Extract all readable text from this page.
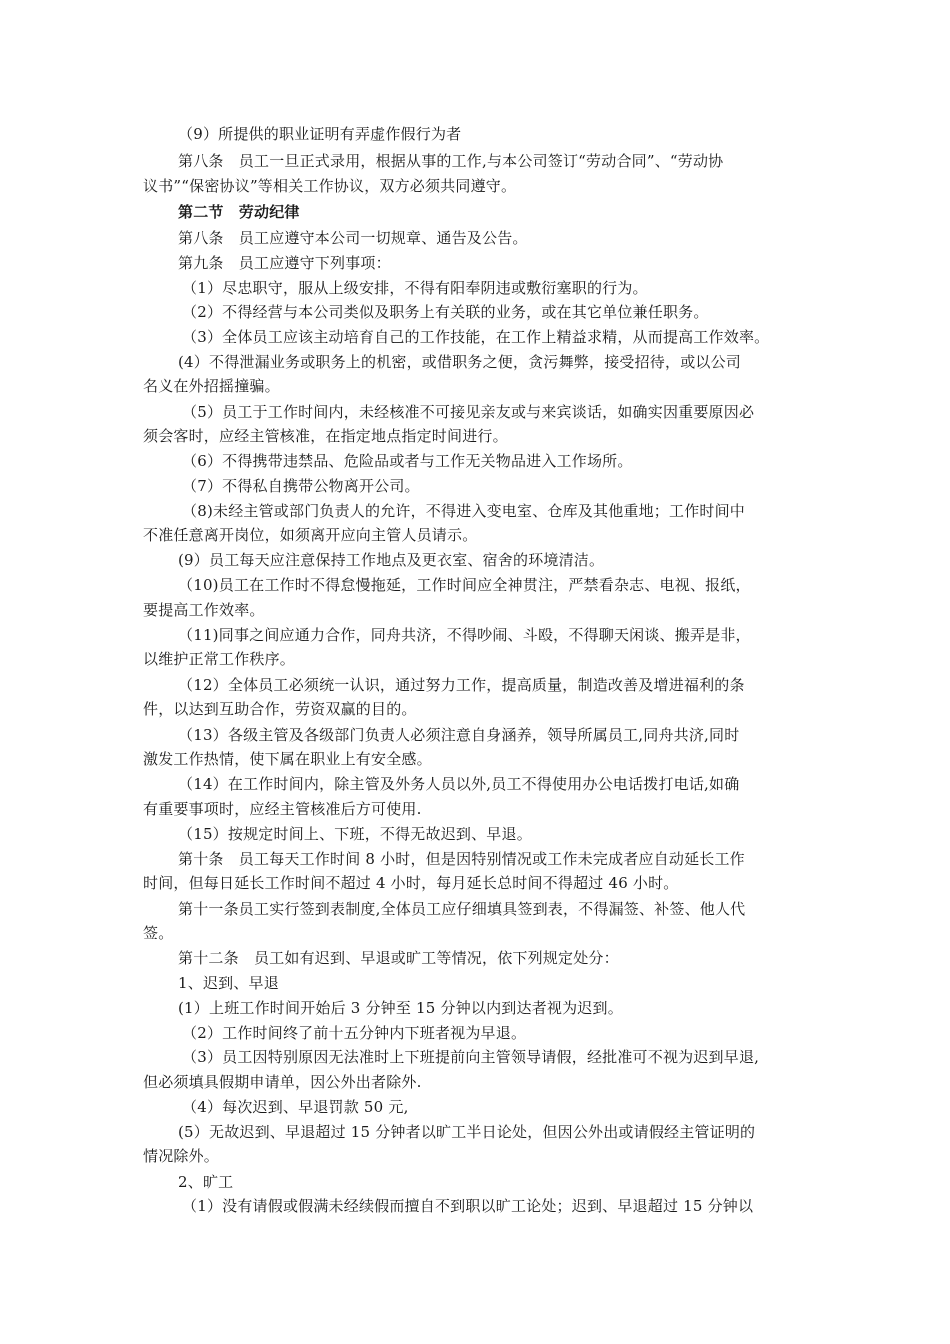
（9）所提供的职业证明有弄虚作假行为者
第八条　员工一旦正式录用，根据从事的工作,与本公司签订“劳动合同”、“劳动协
议书”“保密协议”等相关工作协议，双方必须共同遵守。
第二节　劳动纪律
第八条　员工应遵守本公司一切规章、通告及公告。
第九条　员工应遵守下列事项：
（1）尽忠职守，服从上级安排，不得有阳奉阴违或敷衍塞职的行为。
（2）不得经营与本公司类似及职务上有关联的业务，或在其它单位兼任职务。
（3）全体员工应该主动培育自己的工作技能，在工作上精益求精，从而提高工作效率。
(4）不得泄漏业务或职务上的机密，或借职务之便，贪污舞弊，接受招待，或以公司
名义在外招摇撞骗。
（5）员工于工作时间内，未经核准不可接见亲友或与来宾谈话，如确实因重要原因必
须会客时，应经主管核准，在指定地点指定时间进行。
（6）不得携带违禁品、危险品或者与工作无关物品进入工作场所。
（7）不得私自携带公物离开公司。
（8)未经主管或部门负责人的允许，不得进入变电室、仓库及其他重地；工作时间中
不准任意离开岗位，如须离开应向主管人员请示。
(9）员工每天应注意保持工作地点及更衣室、宿舍的环境清洁。
（10)员工在工作时不得怠慢拖延，工作时间应全神贯注，严禁看杂志、电视、报纸，
要提高工作效率。
（11)同事之间应通力合作，同舟共济，不得吵闹、斗殴，不得聊天闲谈、搬弄是非，
以维护正常工作秩序。
（12）全体员工必须统一认识，通过努力工作，提高质量，制造改善及增进福利的条
件，以达到互助合作，劳资双赢的目的。
（13）各级主管及各级部门负责人必须注意自身涵养，领导所属员工,同舟共济,同时
激发工作热情，使下属在职业上有安全感。
（14）在工作时间内，除主管及外务人员以外,员工不得使用办公电话拨打电话,如确
有重要事项时，应经主管核准后方可使用.
（15）按规定时间上、下班，不得无故迟到、早退。
第十条　员工每天工作时间 8 小时，但是因特别情况或工作未完成者应自动延长工作
时间，但每日延长工作时间不超过 4 小时，每月延长总时间不得超过 46 小时。
第十一条员工实行签到表制度,全体员工应仔细填具签到表，不得漏签、补签、他人代
签。
第十二条　员工如有迟到、早退或旷工等情况，依下列规定处分：
1、迟到、早退
(1）上班工作时间开始后 3 分钟至 15 分钟以内到达者视为迟到。
（2）工作时间终了前十五分钟内下班者视为早退。
（3）员工因特别原因无法准时上下班提前向主管领导请假，经批准可不视为迟到早退,
但必须填具假期申请单，因公外出者除外.
（4）每次迟到、早退罚款 50 元,
(5）无故迟到、早退超过 15 分钟者以旷工半日论处，但因公外出或请假经主管证明的
情况除外。
2、旷工
（1）没有请假或假满未经续假而擅自不到职以旷工论处；迟到、早退超过 15 分钟以
